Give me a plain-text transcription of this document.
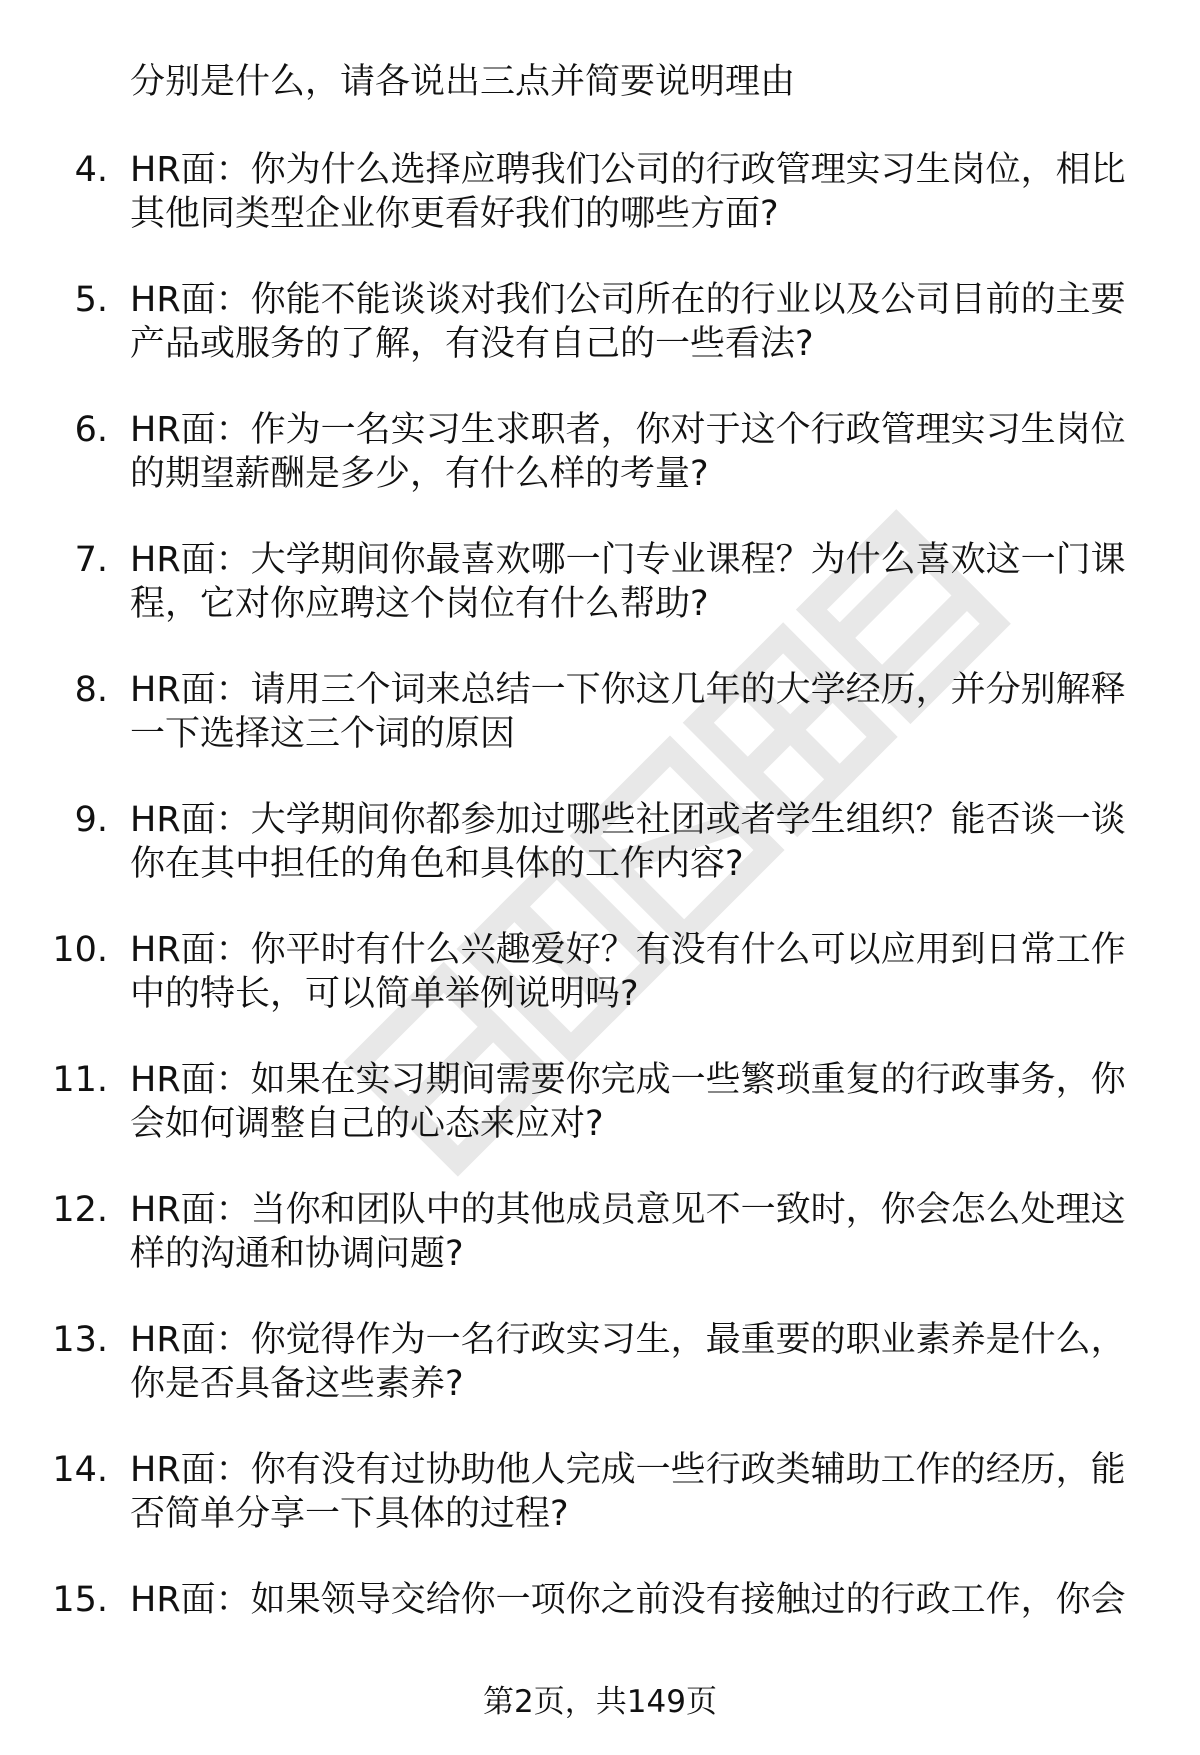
分别是什么，请各说出三点并简要说明理由

4. HR面：你为什么选择应聘我们公司的行政管理实习生岗位，相比其他同类型企业你更看好我们的哪些方面?
5. HR面：你能不能谈谈对我们公司所在的行业以及公司目前的主要产品或服务的了解，有没有自己的一些看法?
6. HR面：作为一名实习生求职者，你对于这个行政管理实习生岗位的期望薪酬是多少，有什么样的考量?
7. HR面：大学期间你最喜欢哪一门专业课程？为什么喜欢这一门课程，它对你应聘这个岗位有什么帮助?
8. HR面：请用三个词来总结一下你这几年的大学经历，并分别解释一下选择这三个词的原因
9. HR面：大学期间你都参加过哪些社团或者学生组织？能否谈一谈你在其中担任的角色和具体的工作内容?
10. HR面：你平时有什么兴趣爱好？有没有什么可以应用到日常工作中的特长，可以简单举例说明吗?
11. HR面：如果在实习期间需要你完成一些繁琐重复的行政事务，你会如何调整自己的心态来应对?
12. HR面：当你和团队中的其他成员意见不一致时，你会怎么处理这样的沟通和协调问题?
13. HR面：你觉得作为一名行政实习生，最重要的职业素养是什么，你是否具备这些素养?
14. HR面：你有没有过协助他人完成一些行政类辅助工作的经历，能否简单分享一下具体的过程?
15. HR面：如果领导交给你一项你之前没有接触过的行政工作，你会
第2页，共149页
